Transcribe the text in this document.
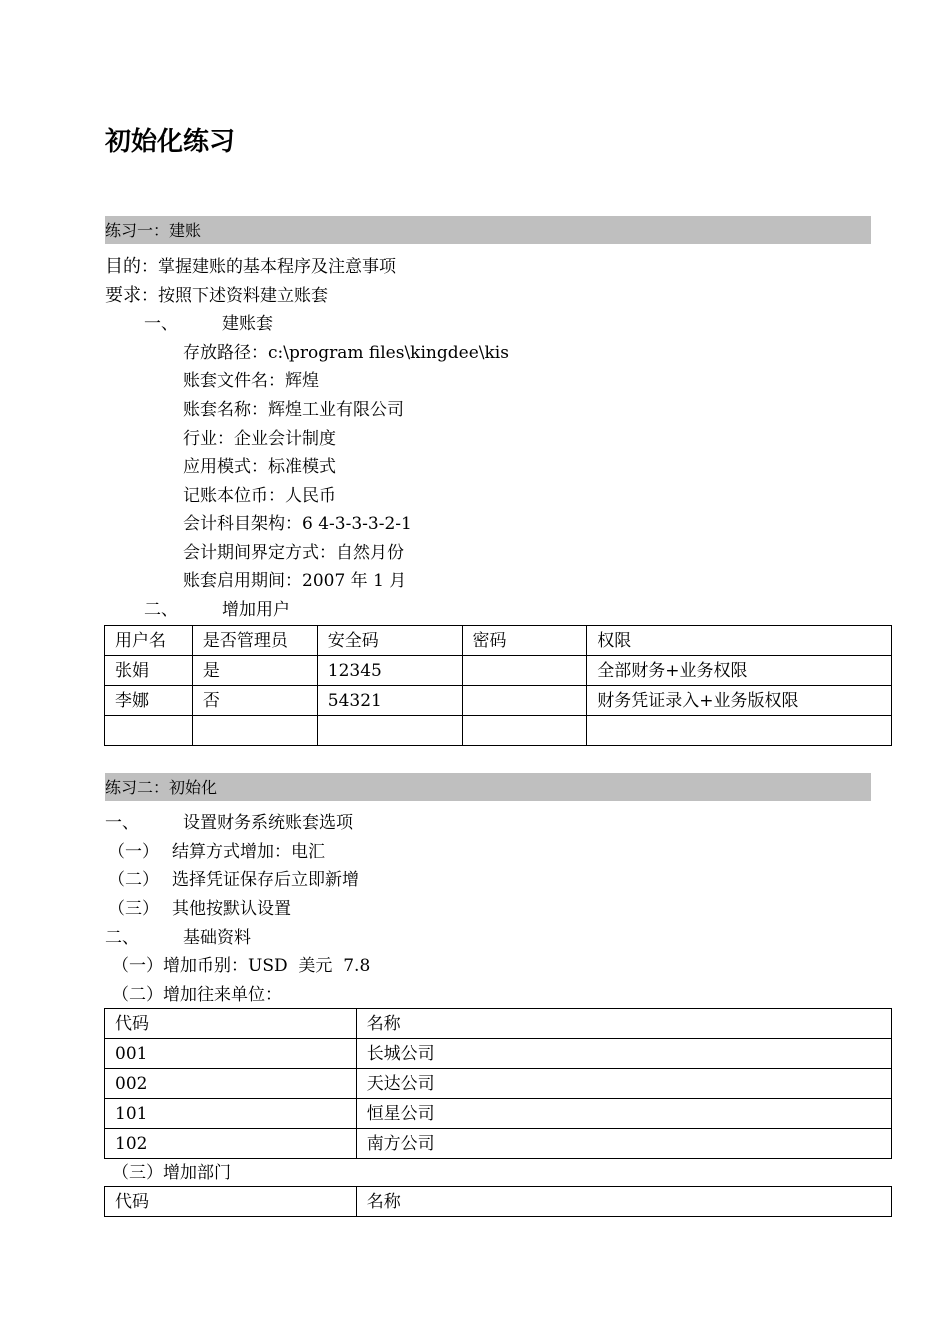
初始化练习
练习一：建账
目的：掌握建账的基本程序及注意事项
要求：按照下述资料建立账套
一、	建账套
存放路径：c:\program files\kingdee\kis
账套文件名：辉煌
账套名称：辉煌工业有限公司
行业：企业会计制度
应用模式：标准模式
记账本位币：人民币
会计科目架构：6 4-3-3-3-2-1
会计期间界定方式：自然月份
账套启用期间：2007 年 1 月
二、	增加用户
用户名	是否管理员	安全码	密码	权限
张娟	是	12345		全部财务+业务权限
李娜	否	54321		财务凭证录入+业务版权限

练习二：初始化
一、	设置财务系统账套选项
（一） 结算方式增加：电汇
（二） 选择凭证保存后立即新增
（三） 其他按默认设置
二、	基础资料
（一）增加币别：USD  美元  7.8
（二）增加往来单位：
代码	名称
001	长城公司
002	天达公司
101	恒星公司
102	南方公司
（三）增加部门
代码	名称
